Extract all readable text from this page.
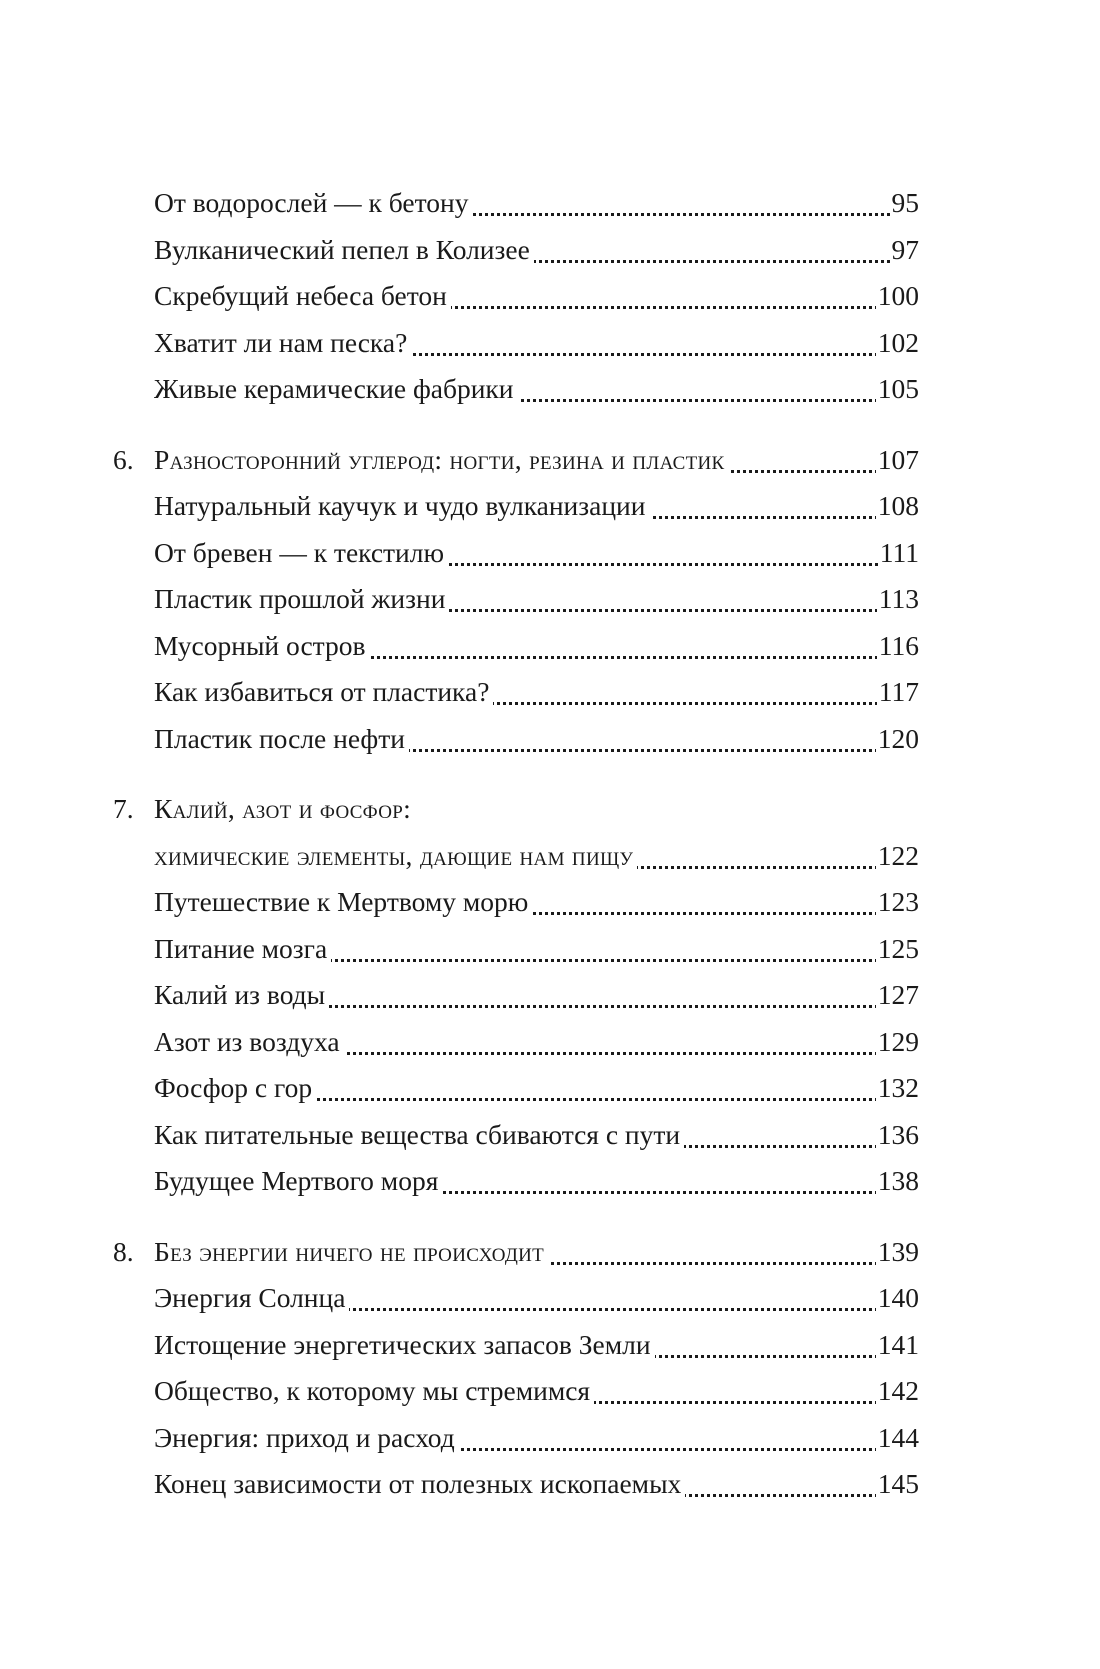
От водорослей — к бетону	95
Вулканический пепел в Колизее	97
Скребущий небеса бетон	100
Хватит ли нам песка?	102
Живые керамические фабрики	105
6. Разносторонний углерод: ногти, резина и пластик	107
Натуральный каучук и чудо вулканизации	108
От бревен — к текстилю	111
Пластик прошлой жизни	113
Мусорный остров	116
Как избавиться от пластика?	117
Пластик после нефти	120
7. Калий, азот и фосфор:
химические элементы, дающие нам пищу	122
Путешествие к Мертвому морю	123
Питание мозга	125
Калий из воды	127
Азот из воздуха	129
Фосфор с гор	132
Как питательные вещества сбиваются с пути	136
Будущее Мертвого моря	138
8. Без энергии ничего не происходит	139
Энергия Солнца	140
Истощение энергетических запасов Земли	141
Общество, к которому мы стремимся	142
Энергия: приход и расход	144
Конец зависимости от полезных ископаемых	145
